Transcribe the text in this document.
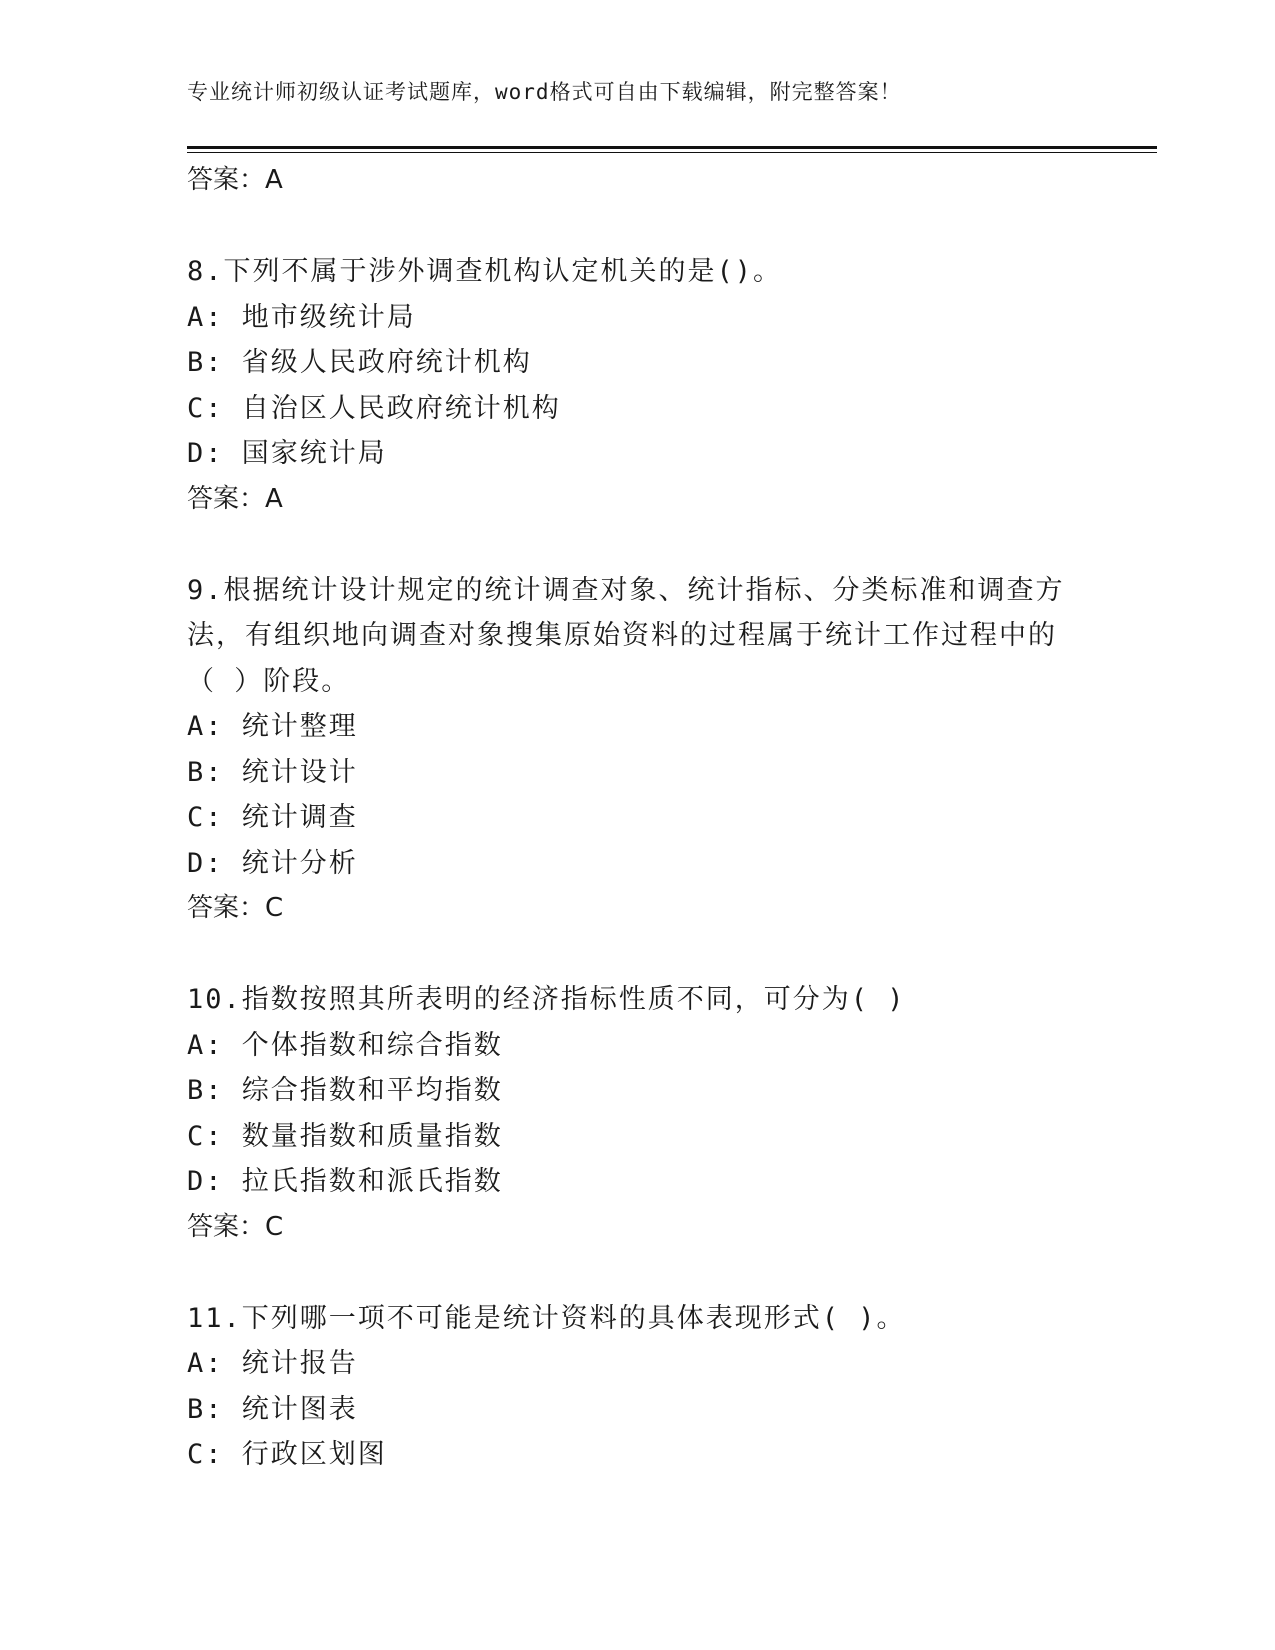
专业统计师初级认证考试题库，word格式可自由下载编辑，附完整答案！
答案：A
8.下列不属于涉外调查机构认定机关的是()。
A: 地市级统计局
B: 省级人民政府统计机构
C: 自治区人民政府统计机构
D: 国家统计局
答案：A
9.根据统计设计规定的统计调查对象、统计指标、分类标准和调查方
法，有组织地向调查对象搜集原始资料的过程属于统计工作过程中的
（ ）阶段。
A: 统计整理
B: 统计设计
C: 统计调查
D: 统计分析
答案：C
10.指数按照其所表明的经济指标性质不同，可分为( )
A: 个体指数和综合指数
B: 综合指数和平均指数
C: 数量指数和质量指数
D: 拉氏指数和派氏指数
答案：C
11.下列哪一项不可能是统计资料的具体表现形式( )。
A: 统计报告
B: 统计图表
C: 行政区划图
